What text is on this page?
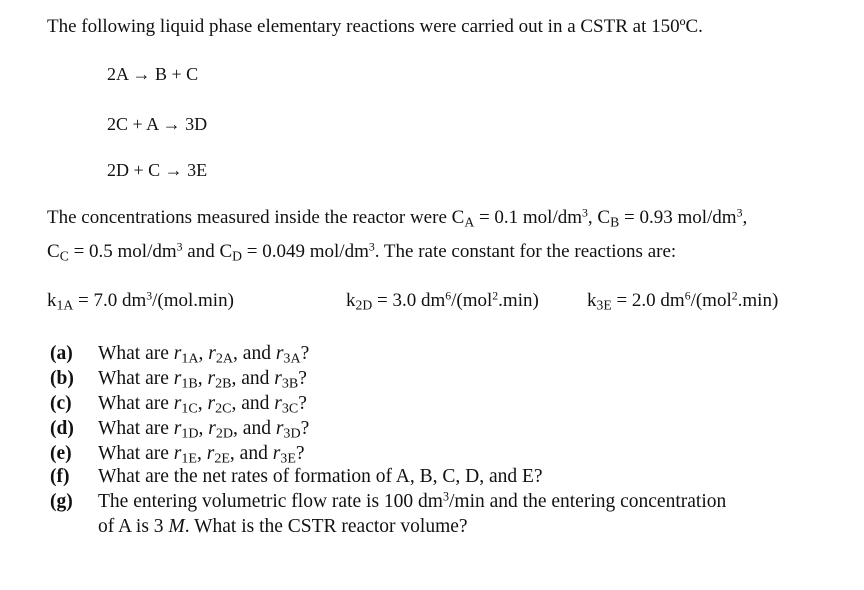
The following liquid phase elementary reactions were carried out in a CSTR at 150ºC.
2A → B + C
2C + A → 3D
2D + C → 3E
The concentrations measured inside the reactor were $C_A = 0.1$ mol/$dm^3$, $C_B = 0.93$ mol/$dm^3$,
$C_C = 0.5$ mol/$dm^3$ and $C_D = 0.049$ mol/$dm^3$. The rate constant for the reactions are:
$k_{1A} = 7.0$ $dm^3/(mol.\min)$	$k_{2D} = 3.0$ $dm^6/(mol^2.\min)$	$k_{3E} = 2.0$ $dm^6/(mol^2.\min)$
(a) What are $r_{1A}$, $r_{2A}$, and $r_{3A}$?
(b) What are $r_{1B}$, $r_{2B}$, and $r_{3B}$?
(c) What are $r_{1C}$, $r_{2C}$, and $r_{3C}$?
(d) What are $r_{1D}$, $r_{2D}$, and $r_{3D}$?
(e) What are $r_{1E}$, $r_{2E}$, and $r_{3E}$?
(f) What are the net rates of formation of A, B, C, D, and E?
(g) The entering volumetric flow rate is 100 $dm^3/\min$ and the entering concentration
of A is 3 M. What is the CSTR reactor volume?
